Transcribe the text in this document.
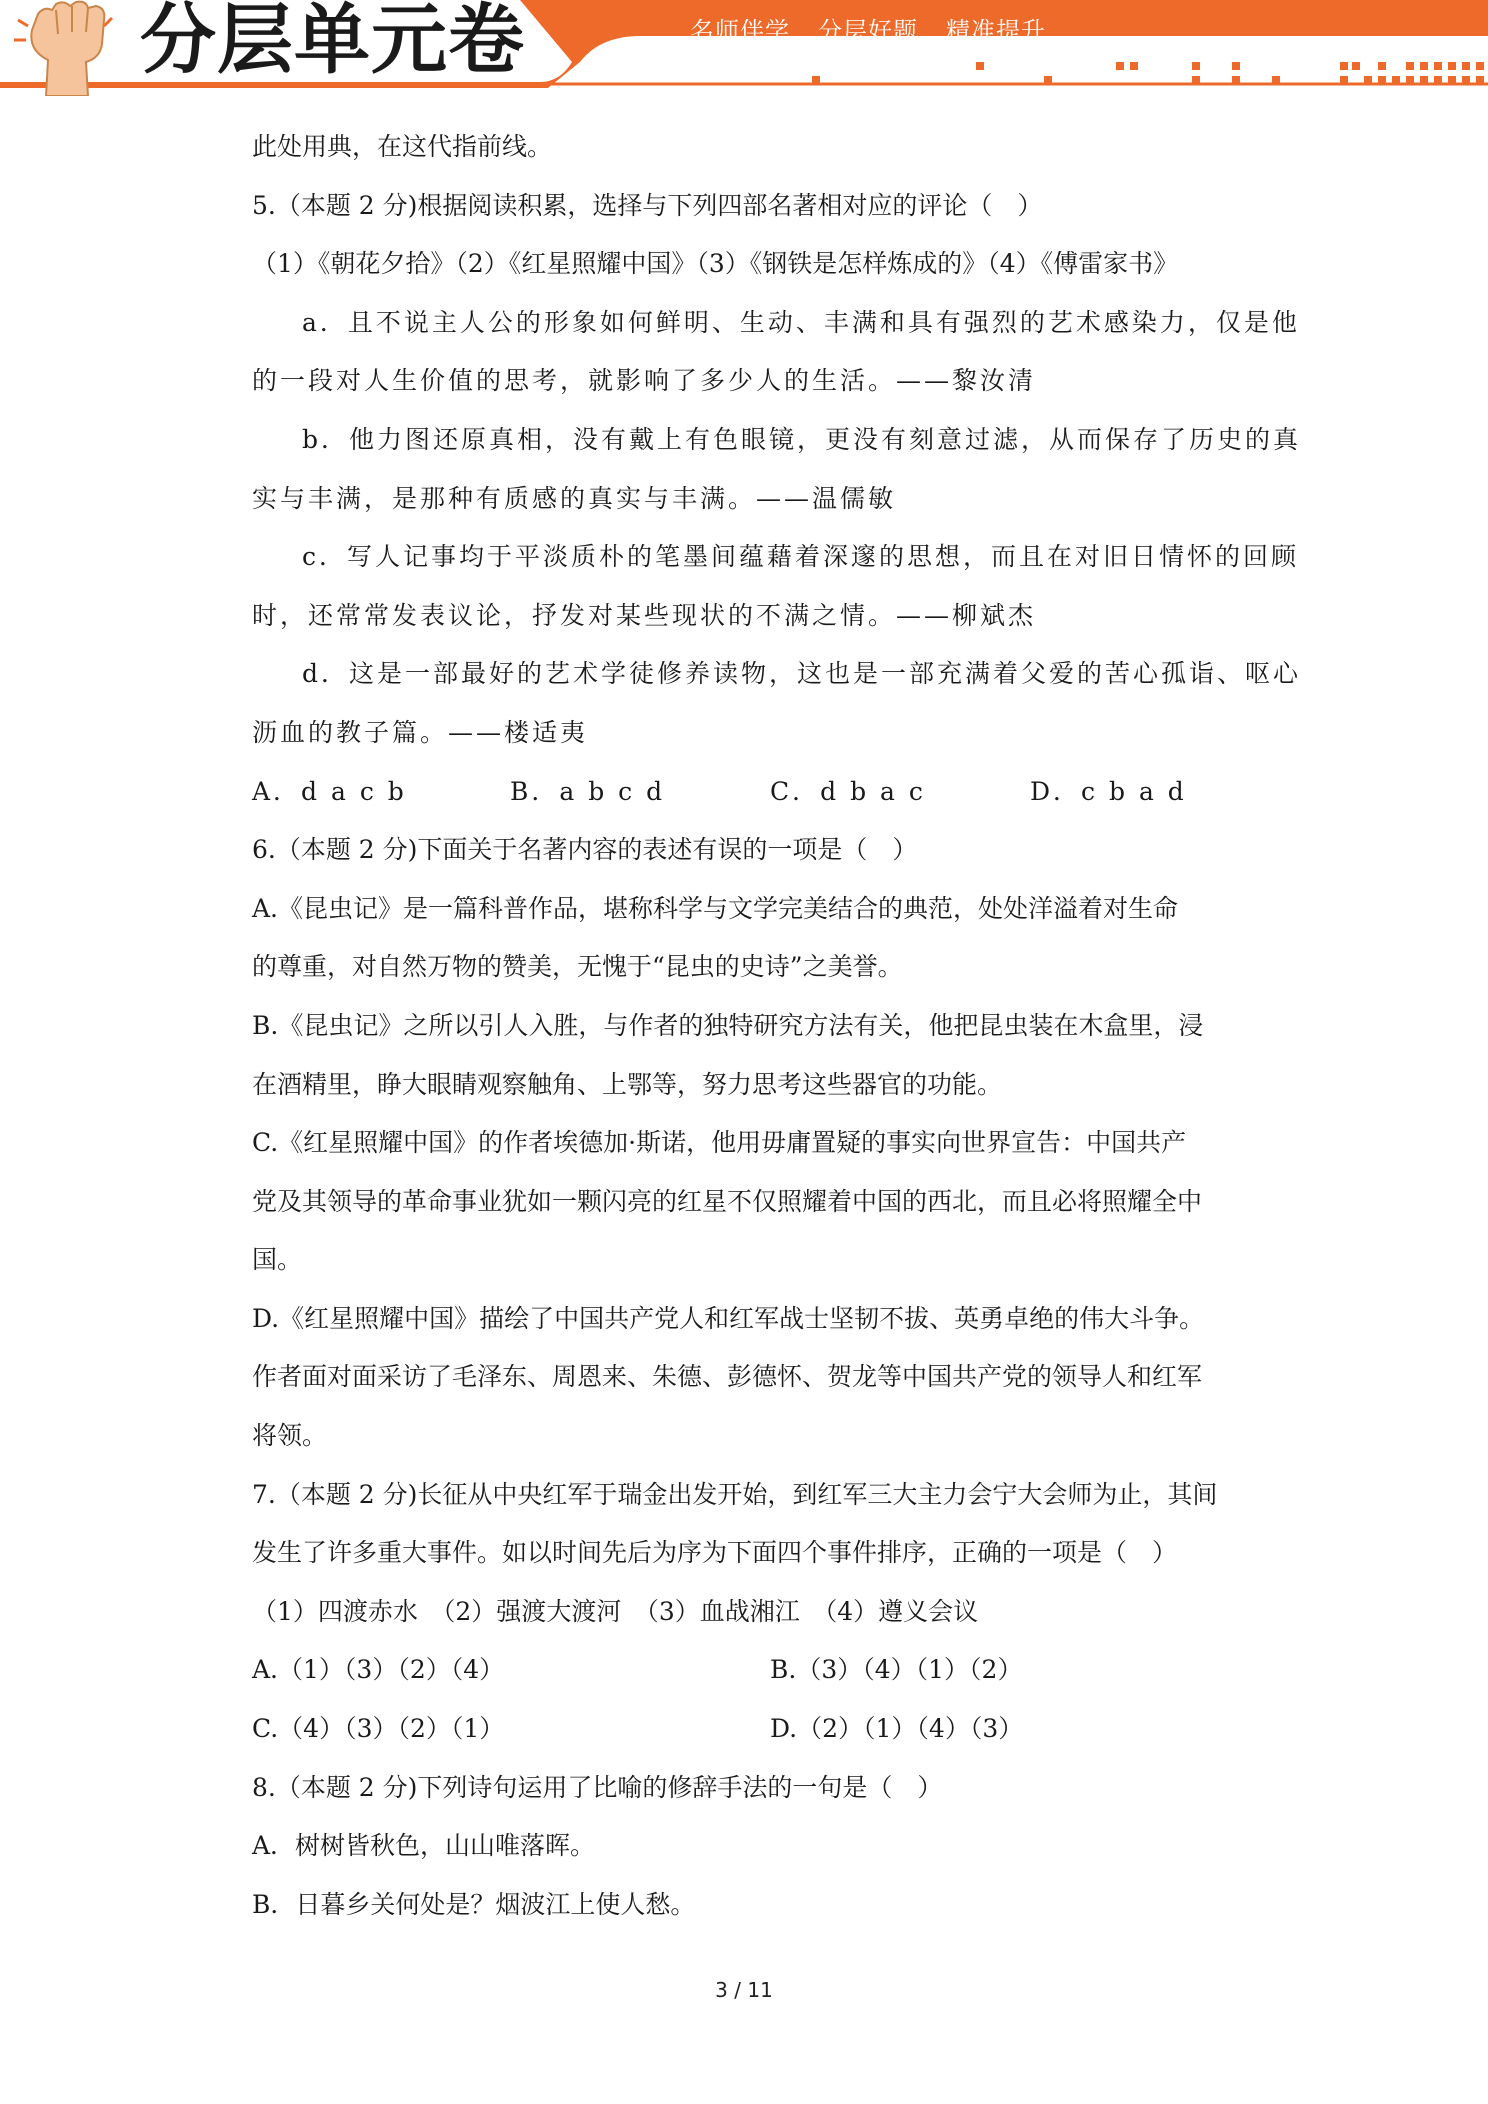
分层单元卷	名师伴学 分层好题 精准提升
此处用典，在这代指前线。
5.（本题 2 分)根据阅读积累，选择与下列四部名著相对应的评论（　）
（1）《朝花夕拾》（2）《红星照耀中国》（3）《钢铁是怎样炼成的》（4）《傅雷家书》
a．且不说主人公的形象如何鲜明、生动、丰满和具有强烈的艺术感染力，仅是他
的一段对人生价值的思考，就影响了多少人的生活。——黎汝清
b．他力图还原真相，没有戴上有色眼镜，更没有刻意过滤，从而保存了历史的真
实与丰满，是那种有质感的真实与丰满。——温儒敏
c．写人记事均于平淡质朴的笔墨间蕴藉着深邃的思想，而且在对旧日情怀的回顾
时，还常常发表议论，抒发对某些现状的不满之情。——柳斌杰
d．这是一部最好的艺术学徒修养读物，这也是一部充满着父爱的苦心孤诣、呕心
沥血的教子篇。——楼适夷
A．d a c b	B．a b c d	C．d b a c	D．c b a d
6.（本题 2 分)下面关于名著内容的表述有误的一项是（　）
A.《昆虫记》是一篇科普作品，堪称科学与文学完美结合的典范，处处洋溢着对生命
的尊重，对自然万物的赞美，无愧于“昆虫的史诗”之美誉。
B.《昆虫记》之所以引人入胜，与作者的独特研究方法有关，他把昆虫装在木盒里，浸
在酒精里，睁大眼睛观察触角、上鄂等，努力思考这些器官的功能。
C.《红星照耀中国》的作者埃德加·斯诺，他用毋庸置疑的事实向世界宣告：中国共产
党及其领导的革命事业犹如一颗闪亮的红星不仅照耀着中国的西北，而且必将照耀全中
国。
D.《红星照耀中国》描绘了中国共产党人和红军战士坚韧不拔、英勇卓绝的伟大斗争。
作者面对面采访了毛泽东、周恩来、朱德、彭德怀、贺龙等中国共产党的领导人和红军
将领。
7.（本题 2 分)长征从中央红军于瑞金出发开始，到红军三大主力会宁大会师为止，其间
发生了许多重大事件。如以时间先后为序为下面四个事件排序，正确的一项是（　）
（1）四渡赤水　（2）强渡大渡河　（3）血战湘江　（4）遵义会议
A.（1）（3）（2）（4）	B.（3）（4）（1）（2）
C.（4）（3）（2）（1）	D.（2）（1）（4）（3）
8.（本题 2 分)下列诗句运用了比喻的修辞手法的一句是（　）
A．树树皆秋色，山山唯落晖。
B．日暮乡关何处是？烟波江上使人愁。
3 / 11
